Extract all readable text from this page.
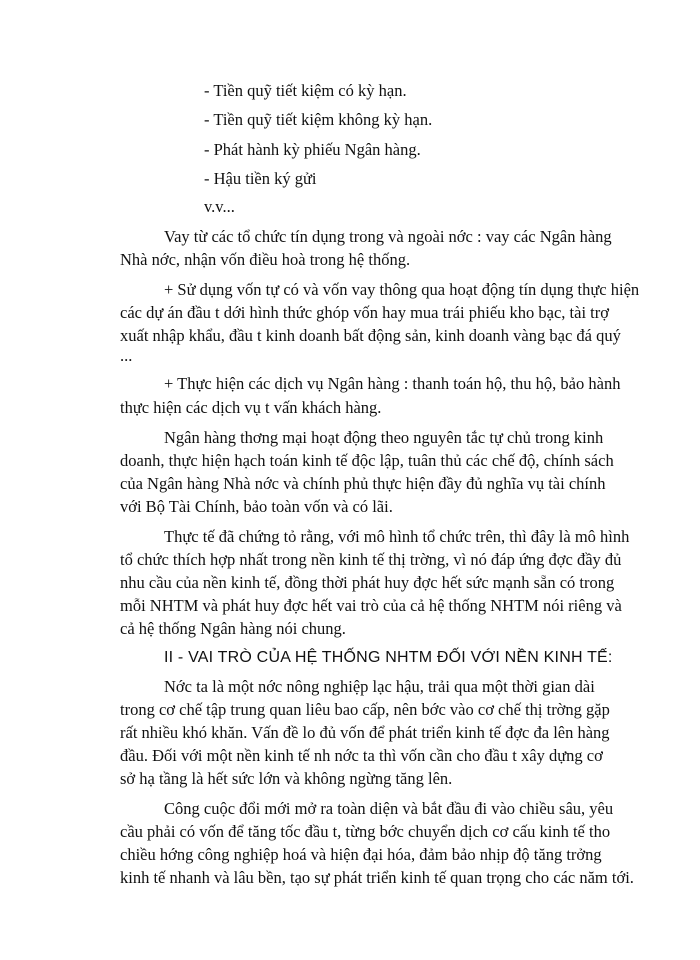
- Tiền quỹ tiết kiệm có kỳ hạn.

- Tiền quỹ tiết kiệm không kỳ hạn.

- Phát hành kỳ phiếu Ngân hàng.

- Hậu tiền ký gửi

v.v...

Vay từ các tổ chức tín dụng trong và ngoài nớc : vay các Ngân hàng

Nhà nớc, nhận vốn điều hoà trong hệ thống.

+ Sử dụng vốn tự có và vốn vay thông qua hoạt động tín dụng thực hiện

các dự án đầu t dới hình thức ghóp vốn hay mua trái phiếu kho bạc, tài trợ

xuất nhập khẩu, đầu t kinh doanh bất động sản, kinh doanh vàng bạc đá quý

...

+ Thực hiện các dịch vụ Ngân hàng : thanh toán hộ, thu hộ, bảo hành

thực hiện các dịch vụ t vấn khách hàng.

Ngân hàng thơng mại hoạt động theo nguyên tắc tự chủ trong kinh

doanh, thực hiện hạch toán kinh tế độc lập, tuân thủ các chế độ, chính sách

của Ngân hàng Nhà nớc và chính phủ thực hiện đầy đủ nghĩa vụ tài chính

với Bộ Tài Chính, bảo toàn vốn và có lãi.

Thực tế đã chứng tỏ rằng, với mô hình tổ chức trên, thì đây là mô hình

tổ chức thích hợp nhất trong nền kinh tế thị trờng, vì nó đáp ứng đợc đầy đủ

nhu cầu của nền kinh tế, đồng thời phát huy đợc hết sức mạnh sẵn có trong

mỗi NHTM và phát huy đợc hết vai trò của cả hệ thống NHTM nói riêng và

cả hệ thống Ngân hàng nói chung.

II - VAI TRÒ CỦA HỆ THỐNG NHTM ĐỐI VỚI NỀN KINH TẾ:

Nớc ta là một nớc nông nghiệp lạc hậu, trải qua một thời gian dài

trong cơ chế tập trung quan liêu bao cấp, nên bớc vào cơ chế thị trờng gặp

rất nhiều khó khăn. Vấn đề lo đủ vốn để phát triển kinh tế đợc đa lên hàng

đầu. Đối với một nền kinh tế nh nớc ta thì vốn cần cho đầu t xây dựng cơ

sở hạ tầng là hết sức lớn và không ngừng tăng lên.

Công cuộc đổi mới mở ra toàn diện và bắt đầu đi vào chiều sâu, yêu

cầu phải có vốn để tăng tốc đầu t, từng bớc chuyển dịch cơ cấu kinh tế tho

chiều hớng công nghiệp hoá và hiện đại hóa, đảm bảo nhịp độ tăng trởng

kinh tế nhanh và lâu bền, tạo sự phát triển kinh tế quan trọng cho các năm tới.
